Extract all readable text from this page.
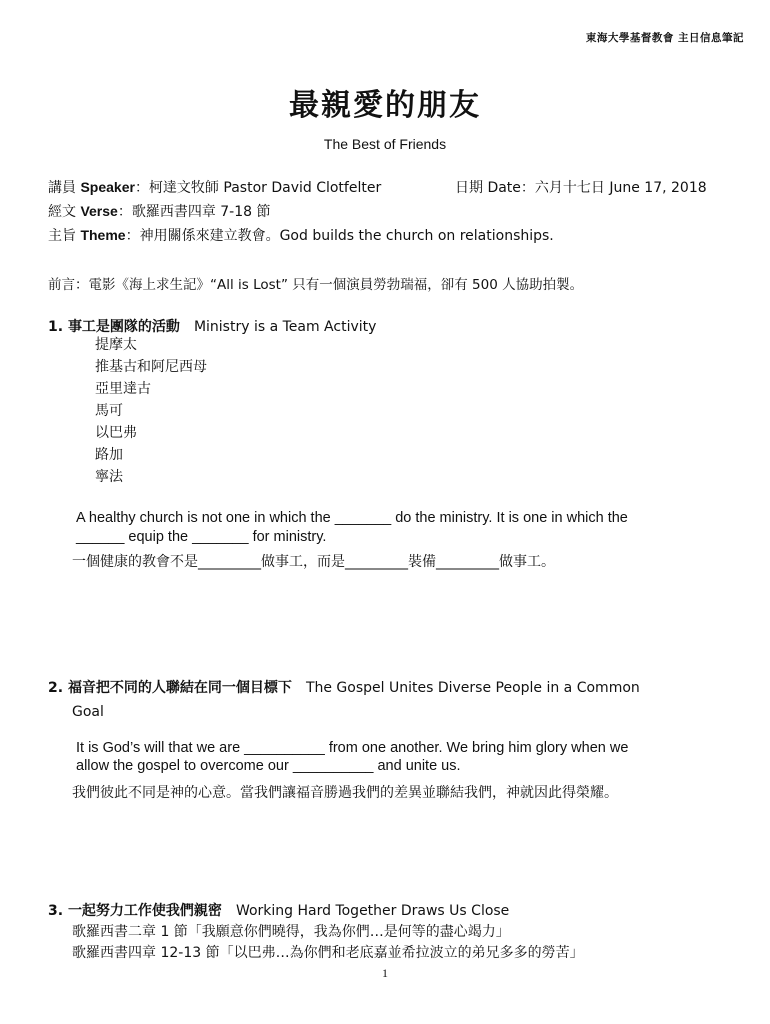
東海大學基督教會 主日信息筆記
最親愛的朋友
The Best of Friends
講員 Speaker：柯達文牧師 Pastor David Clotfelter	日期 Date：六月十七日 June 17, 2018
經文 Verse：歌羅西書四章 7-18 節
主旨 Theme：神用關係來建立教會。God builds the church on relationships.
前言：電影《海上求生記》“All is Lost” 只有一個演員勞勃瑞福，卻有 500 人協助拍製。
1. 事工是團隊的活動 Ministry is a Team Activity
提摩太
推基古和阿尼西母
亞里達古
馬可
以巴弗
路加
寧法
A healthy church is not one in which the _______ do the ministry. It is one in which the
______ equip the _______ for ministry.
一個健康的教會不是_________做事工，而是_________裝備_________做事工。
2. 福音把不同的人聯結在同一個目標下 The Gospel Unites Diverse People in a Common
Goal
It is God’s will that we are __________ from one another. We bring him glory when we
allow the gospel to overcome our __________ and unite us.
我們彼此不同是神的心意。當我們讓福音勝過我們的差異並聯結我們，神就因此得榮耀。
3. 一起努力工作使我們親密 Working Hard Together Draws Us Close
歌羅西書二章 1 節「我願意你們曉得，我為你們…是何等的盡心竭力」
歌羅西書四章 12-13 節「以巴弗…為你們和老底嘉並希拉波立的弟兄多多的勞苦」
1
